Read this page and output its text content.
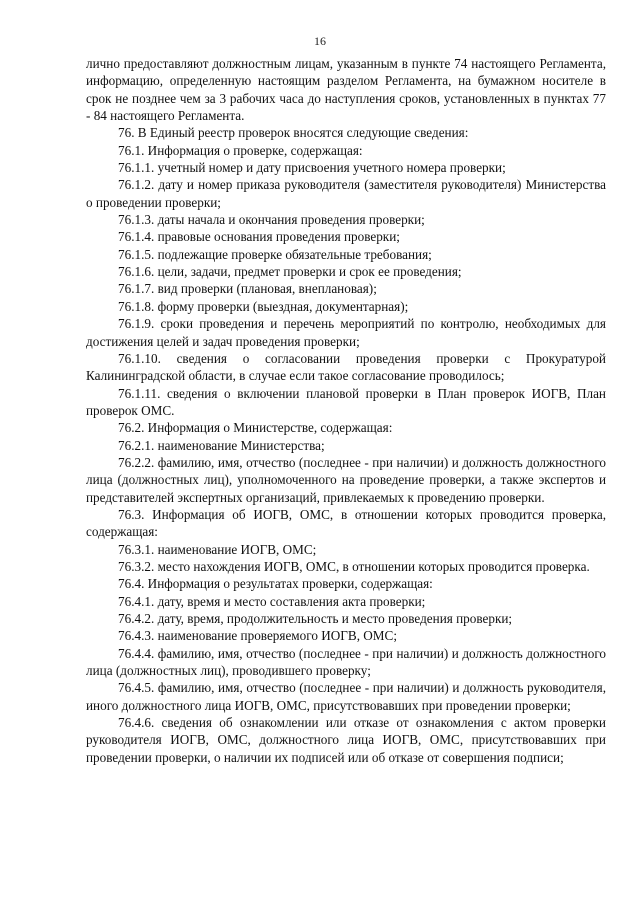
16

лично предоставляют должностным лицам, указанным в пункте 74 настоящего Регламента, информацию, определенную настоящим разделом Регламента, на бумажном носителе в срок не позднее чем за 3 рабочих часа до наступления сроков, установленных в пунктах 77 - 84 настоящего Регламента.

76. В Единый реестр проверок вносятся следующие сведения:

76.1. Информация о проверке, содержащая:

76.1.1. учетный номер и дату присвоения учетного номера проверки;

76.1.2. дату и номер приказа руководителя (заместителя руководителя) Министерства о проведении проверки;

76.1.3. даты начала и окончания проведения проверки;

76.1.4. правовые основания проведения проверки;

76.1.5. подлежащие проверке обязательные требования;

76.1.6. цели, задачи, предмет проверки и срок ее проведения;

76.1.7. вид проверки (плановая, внеплановая);

76.1.8. форму проверки (выездная, документарная);

76.1.9. сроки проведения и перечень мероприятий по контролю, необходимых для достижения целей и задач проведения проверки;

76.1.10. сведения о согласовании проведения проверки с Прокуратурой Калининградской области, в случае если такое согласование проводилось;

76.1.11. сведения о включении плановой проверки в План проверок ИОГВ, План проверок ОМС.

76.2. Информация о Министерстве, содержащая:

76.2.1. наименование Министерства;

76.2.2. фамилию, имя, отчество (последнее - при наличии) и должность должностного лица (должностных лиц), уполномоченного на проведение проверки, а также экспертов и представителей экспертных организаций, привлекаемых к проведению проверки.

76.3. Информация об ИОГВ, ОМС, в отношении которых проводится проверка, содержащая:

76.3.1. наименование ИОГВ, ОМС;

76.3.2. место нахождения ИОГВ, ОМС, в отношении которых проводится проверка.

76.4. Информация о результатах проверки, содержащая:

76.4.1. дату, время и место составления акта проверки;

76.4.2. дату, время, продолжительность и место проведения проверки;

76.4.3. наименование проверяемого ИОГВ, ОМС;

76.4.4. фамилию, имя, отчество (последнее - при наличии) и должность должностного лица (должностных лиц), проводившего проверку;

76.4.5. фамилию, имя, отчество (последнее - при наличии) и должность руководителя, иного должностного лица ИОГВ, ОМС, присутствовавших при проведении проверки;

76.4.6. сведения об ознакомлении или отказе от ознакомления с актом проверки руководителя ИОГВ, ОМС, должностного лица ИОГВ, ОМС, присутствовавших при проведении проверки, о наличии их подписей или об отказе от совершения подписи;
